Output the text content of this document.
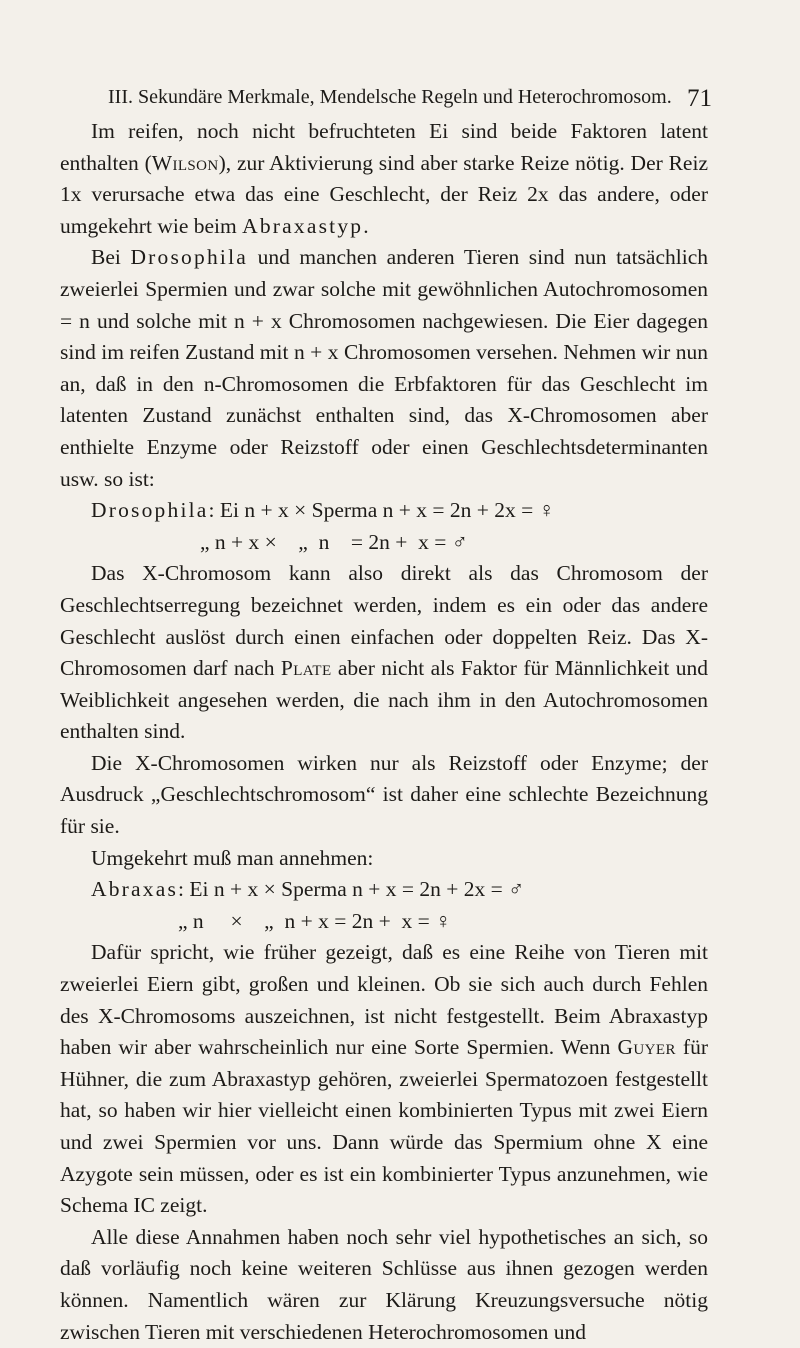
III. Sekundäre Merkmale, Mendelsche Regeln und Heterochromosom. 71

Im reifen, noch nicht befruchteten Ei sind beide Faktoren latent enthalten (Wilson), zur Aktivierung sind aber starke Reize nötig. Der Reiz 1x verursache etwa das eine Geschlecht, der Reiz 2x das andere, oder umgekehrt wie beim Abraxastyp.

Bei Drosophila und manchen anderen Tieren sind nun tatsächlich zweierlei Spermien und zwar solche mit gewöhnlichen Autochromosomen = n und solche mit n + x Chromosomen nachgewiesen. Die Eier dagegen sind im reifen Zustand mit n + x Chromosomen versehen. Nehmen wir nun an, daß in den n-Chromosomen die Erbfaktoren für das Geschlecht im latenten Zustand zunächst enthalten sind, das X-Chromosomen aber enthielte Enzyme oder Reizstoff oder einen Geschlechtsdeterminanten usw. so ist:

Drosophila: Ei n + x × Sperma n + x = 2n + 2x = ♀

„ n + x ×    „  n    = 2n +  x = ♂

Das X-Chromosom kann also direkt als das Chromosom der Geschlechtserregung bezeichnet werden, indem es ein oder das andere Geschlecht auslöst durch einen einfachen oder doppelten Reiz. Das X-Chromosomen darf nach Plate aber nicht als Faktor für Männlichkeit und Weiblichkeit angesehen werden, die nach ihm in den Autochromosomen enthalten sind.

Die X-Chromosomen wirken nur als Reizstoff oder Enzyme; der Ausdruck „Geschlechtschromosom“ ist daher eine schlechte Bezeichnung für sie.

Umgekehrt muß man annehmen:

Abraxas: Ei n + x × Sperma n + x = 2n + 2x = ♂

„ n     ×    „  n + x = 2n +  x = ♀

Dafür spricht, wie früher gezeigt, daß es eine Reihe von Tieren mit zweierlei Eiern gibt, großen und kleinen. Ob sie sich auch durch Fehlen des X-Chromosoms auszeichnen, ist nicht festgestellt. Beim Abraxastyp haben wir aber wahrscheinlich nur eine Sorte Spermien. Wenn Guyer für Hühner, die zum Abraxastyp gehören, zweierlei Spermatozoen festgestellt hat, so haben wir hier vielleicht einen kombinierten Typus mit zwei Eiern und zwei Spermien vor uns. Dann würde das Spermium ohne X eine Azygote sein müssen, oder es ist ein kombinierter Typus anzunehmen, wie Schema IC zeigt.

Alle diese Annahmen haben noch sehr viel hypothetisches an sich, so daß vorläufig noch keine weiteren Schlüsse aus ihnen gezogen werden können. Namentlich wären zur Klärung Kreuzungsversuche nötig zwischen Tieren mit verschiedenen Heterochromosomen und
